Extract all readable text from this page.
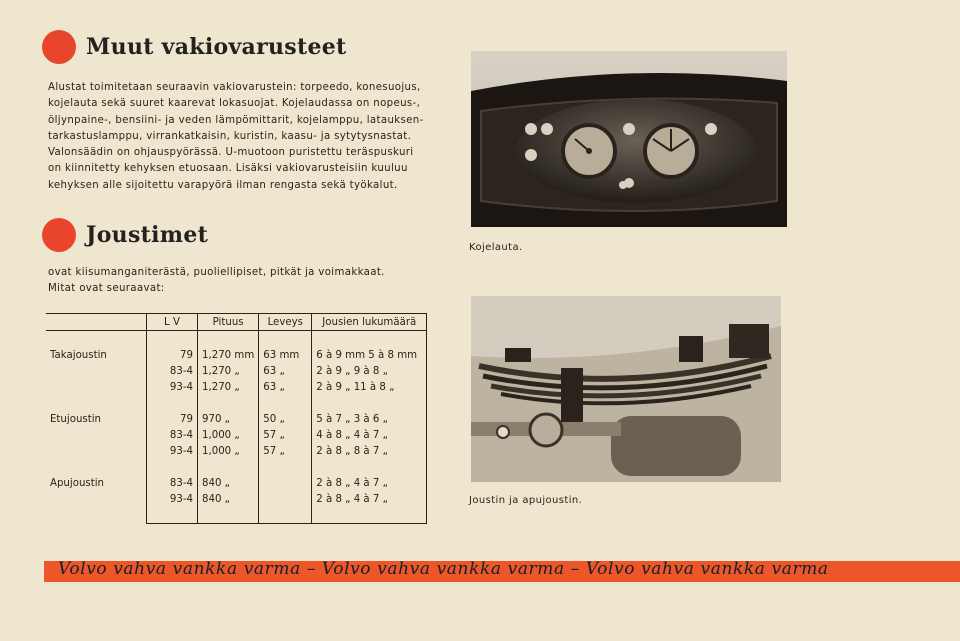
Muut vakiovarusteet
Alustat toimitetaan seuraavin vakiovarustein: torpeedo, konesuojus,
kojelauta sekä suuret kaarevat lokasuojat. Kojelaudassa on nopeus-,
öljynpaine-, bensiini- ja veden lämpömittarit, kojelamppu, latauksen-
tarkastuslamppu, virrankatkaisin, kuristin, kaasu- ja sytytysnastat.
Valonsäädin on ohjauspyörässä. U-muotoon puristettu teräspuskuri
on kiinnitetty kehyksen etuosaan. Lisäksi vakiovarusteisiin kuuluu
kehyksen alle sijoitettu varapyörä ilman rengasta sekä työkalut.
Joustimet
ovat kiisumanganiterästä, puoliellipiset, pitkät ja voimakkaat.
Mitat ovat seuraavat:
	L V	Pituus	Leveys	Jousien lukumäärä

Takajoustin	79	1,270 mm	63 mm	6 à 9 mm 5 à 8 mm
	83-4	1,270 „	63 „	2 à 9 „ 9 à 8 „
	93-4	1,270 „	63 „	2 à 9 „ 11 à 8 „

Etujoustin	79	970 „	50 „	5 à 7 „ 3 à 6 „
	83-4	1,000 „	57 „	4 à 8 „ 4 à 7 „
	93-4	1,000 „	57 „	2 à 8 „ 8 à 7 „

Apujoustin	83-4	840 „		2 à 8 „ 4 à 7 „
	93-4	840 „		2 à 8 „ 4 à 7 „

Kojelauta.
Joustin ja apujoustin.
Volvo vahva vankka varma – Volvo vahva vankka varma – Volvo vahva vankka varma
